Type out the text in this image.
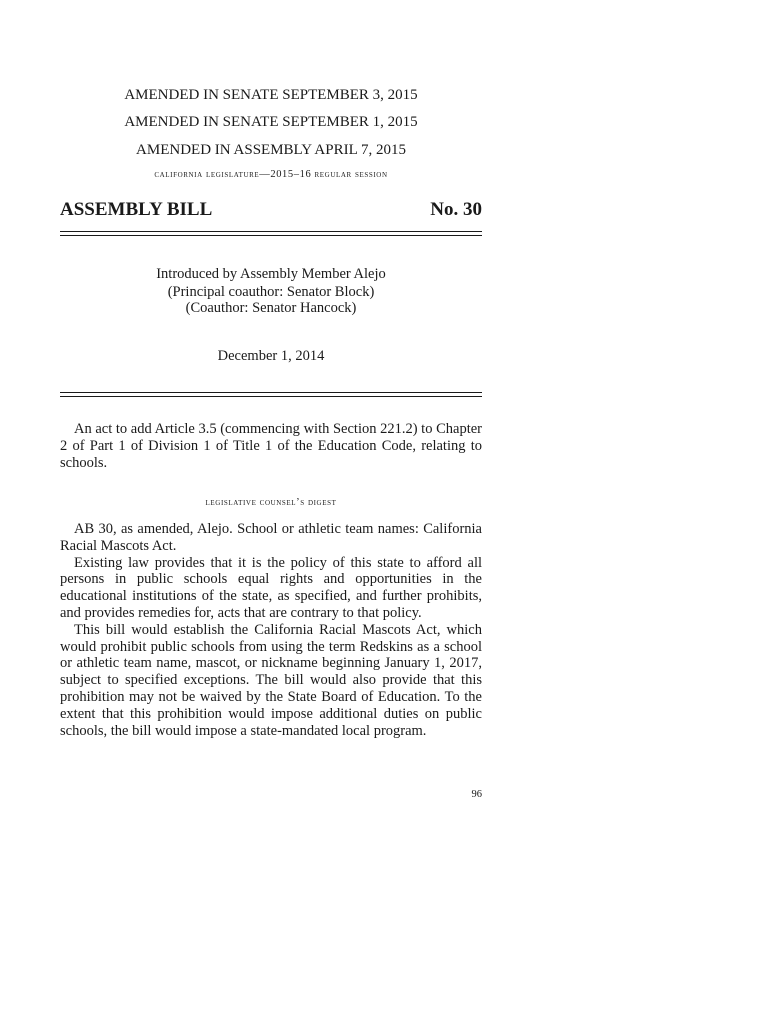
AMENDED IN SENATE SEPTEMBER 3, 2015
AMENDED IN SENATE SEPTEMBER 1, 2015
AMENDED IN ASSEMBLY APRIL 7, 2015
california legislature—2015–16 regular session
ASSEMBLY BILL	No. 30
Introduced by Assembly Member Alejo
(Principal coauthor: Senator Block)
(Coauthor: Senator Hancock)
December 1, 2014

An act to add Article 3.5 (commencing with Section 221.2) to Chapter 2 of Part 1 of Division 1 of Title 1 of the Education Code, relating to schools.

legislative counsel’s digest

AB 30, as amended, Alejo. School or athletic team names: California Racial Mascots Act.

Existing law provides that it is the policy of this state to afford all persons in public schools equal rights and opportunities in the educational institutions of the state, as specified, and further prohibits, and provides remedies for, acts that are contrary to that policy.

This bill would establish the California Racial Mascots Act, which would prohibit public schools from using the term Redskins as a school or athletic team name, mascot, or nickname beginning January 1, 2017, subject to specified exceptions. The bill would also provide that this prohibition may not be waived by the State Board of Education. To the extent that this prohibition would impose additional duties on public schools, the bill would impose a state-mandated local program.

96
